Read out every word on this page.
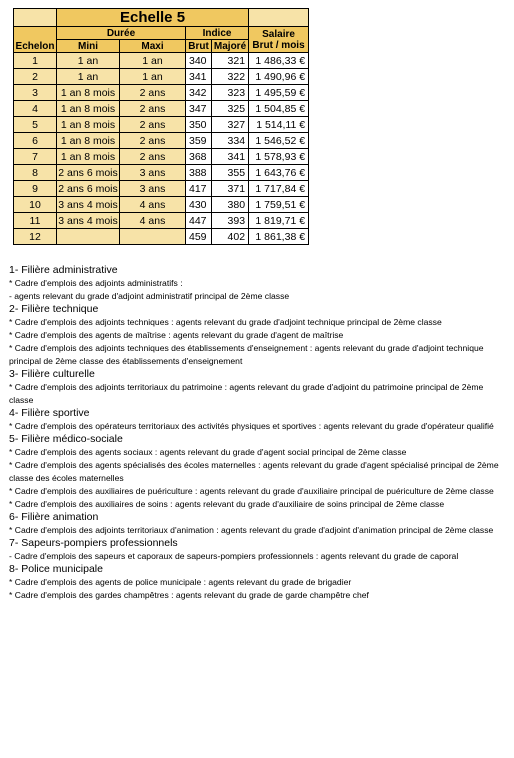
	Echelle 5				
Echelon	Durée		Indice		Salaire
Brut / mois

	Mini	Maxi	Brut	Majoré	
1	1 an	1 an	340	321	1 486,33 €
2	1 an	1 an	341	322	1 490,96 €
3	1 an 8 mois	2 ans	342	323	1 495,59 €
4	1 an 8 mois	2 ans	347	325	1 504,85 €
5	1 an 8 mois	2 ans	350	327	1 514,11 €
6	1 an 8 mois	2 ans	359	334	1 546,52 €
7	1 an 8 mois	2 ans	368	341	1 578,93 €
8	2 ans 6 mois	3 ans	388	355	1 643,76 €
9	2 ans 6 mois	3 ans	417	371	1 717,84 €
10	3 ans 4 mois	4 ans	430	380	1 759,51 €
11	3 ans 4 mois	4 ans	447	393	1 819,71 €
12			459	402	1 861,38 €

1- Filière administrative

* Cadre d'emplois des adjoints administratifs :

- agents relevant du grade d'adjoint administratif principal de 2ème classe

2- Filière technique

* Cadre d'emplois des adjoints techniques : agents relevant du grade d'adjoint technique principal de 2ème classe

* Cadre d'emplois des agents de maîtrise : agents relevant du grade d'agent de maîtrise

* Cadre d'emplois des adjoints techniques des établissements d'enseignement : agents relevant du grade d'adjoint technique principal de 2ème classe des établissements d'enseignement

3- Filière culturelle

* Cadre d'emplois des adjoints territoriaux du patrimoine : agents relevant du grade d'adjoint du patrimoine principal de 2ème classe

4- Filière sportive

* Cadre d'emplois des opérateurs territoriaux des activités physiques et sportives : agents relevant du grade d'opérateur qualifié

5- Filière médico-sociale

* Cadre d'emplois des agents sociaux : agents relevant du grade d'agent social principal de 2ème classe

* Cadre d'emplois des agents spécialisés des écoles maternelles : agents relevant du grade d'agent spécialisé principal de 2ème classe des écoles maternelles

* Cadre d'emplois des auxiliaires de puériculture : agents relevant du grade d'auxiliaire principal de puériculture de 2ème classe

* Cadre d'emplois des auxiliaires de soins : agents relevant du grade d'auxiliaire de soins principal de 2ème classe

6- Filière animation

* Cadre d'emplois des adjoints territoriaux d'animation : agents relevant du grade d'adjoint d'animation principal de 2ème classe

7- Sapeurs-pompiers professionnels

- Cadre d'emplois des sapeurs et caporaux de sapeurs-pompiers professionnels : agents relevant du grade de caporal

8- Police municipale

* Cadre d'emplois des agents de police municipale : agents relevant du grade de brigadier

* Cadre d'emplois des gardes champêtres : agents relevant du grade de garde champêtre chef
